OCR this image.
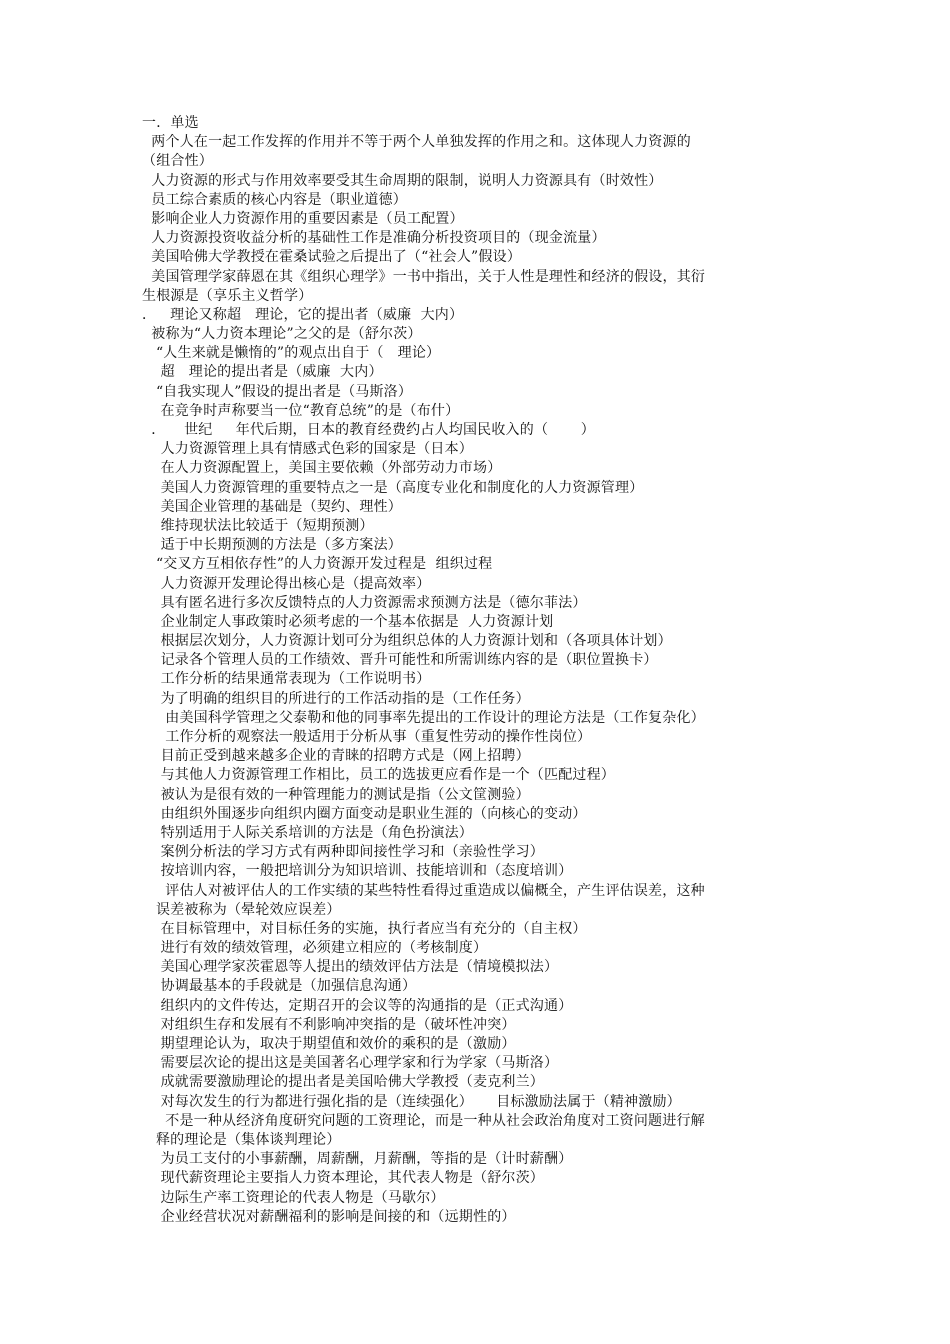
一．单选
两个人在一起工作发挥的作用并不等于两个人单独发挥的作用之和。这体现人力资源的
（组合性）
人力资源的形式与作用效率要受其生命周期的限制，说明人力资源具有（时效性）
员工综合素质的核心内容是（职业道德）
影响企业人力资源作用的重要因素是（员工配置）
人力资源投资收益分析的基础性工作是准确分析投资项目的（现金流量）
美国哈佛大学教授在霍桑试验之后提出了（“社会人”假设）
美国管理学家薛恩在其《组织心理学》一书中指出，关于人性是理性和经济的假设，其衍
生根源是（享乐主义哲学）
．   理论又称超   理论，它的提出者（威廉  大内）
被称为“人力资本理论”之父的是（舒尔茨）
“人生来就是懒惰的”的观点出自于（   理论）
超   理论的提出者是（威廉  大内）
“自我实现人”假设的提出者是（马斯洛）
在竞争时声称要当一位“教育总统”的是（布什）
．    世纪     年代后期，日本的教育经费约占人均国民收入的（       ）
人力资源管理上具有情感式色彩的国家是（日本）
在人力资源配置上，美国主要依赖（外部劳动力市场）
美国人力资源管理的重要特点之一是（高度专业化和制度化的人力资源管理）
美国企业管理的基础是（契约、理性）
维持现状法比较适于（短期预测）
适于中长期预测的方法是（多方案法）
“交叉方互相依存性”的人力资源开发过程是  组织过程
人力资源开发理论得出核心是（提高效率）
具有匿名进行多次反馈特点的人力资源需求预测方法是（德尔菲法）
企业制定人事政策时必须考虑的一个基本依据是  人力资源计划
根据层次划分，人力资源计划可分为组织总体的人力资源计划和（各项具体计划）
记录各个管理人员的工作绩效、晋升可能性和所需训练内容的是（职位置换卡）
工作分析的结果通常表现为（工作说明书）
为了明确的组织目的所进行的工作活动指的是（工作任务）
由美国科学管理之父泰勒和他的同事率先提出的工作设计的理论方法是（工作复杂化）
工作分析的观察法一般适用于分析从事（重复性劳动的操作性岗位）
目前正受到越来越多企业的青睐的招聘方式是（网上招聘）
与其他人力资源管理工作相比，员工的选拔更应看作是一个（匹配过程）
被认为是很有效的一种管理能力的测试是指（公文筐测验）
由组织外围逐步向组织内圈方面变动是职业生涯的（向核心的变动）
特别适用于人际关系培训的方法是（角色扮演法）
案例分析法的学习方式有两种即间接性学习和（亲验性学习）
按培训内容，一般把培训分为知识培训、技能培训和（态度培训）
评估人对被评估人的工作实绩的某些特性看得过重造成以偏概全，产生评估误差，这种
误差被称为（晕轮效应误差）
在目标管理中，对目标任务的实施，执行者应当有充分的（自主权）
进行有效的绩效管理，必须建立相应的（考核制度）
美国心理学家茨霍恩等人提出的绩效评估方法是（情境模拟法）
协调最基本的手段就是（加强信息沟通）
组织内的文件传达，定期召开的会议等的沟通指的是（正式沟通）
对组织生存和发展有不利影响冲突指的是（破坏性冲突）
期望理论认为，取决于期望值和效价的乘积的是（激励）
需要层次论的提出这是美国著名心理学家和行为学家（马斯洛）
成就需要激励理论的提出者是美国哈佛大学教授（麦克利兰）
对每次发生的行为都进行强化指的是（连续强化）     目标激励法属于（精神激励）
不是一种从经济角度研究问题的工资理论，而是一种从社会政治角度对工资问题进行解
释的理论是（集体谈判理论）
为员工支付的小事薪酬，周薪酬，月薪酬，等指的是（计时薪酬）
现代薪资理论主要指人力资本理论，其代表人物是（舒尔茨）
边际生产率工资理论的代表人物是（马歇尔）
企业经营状况对薪酬福利的影响是间接的和（远期性的）
